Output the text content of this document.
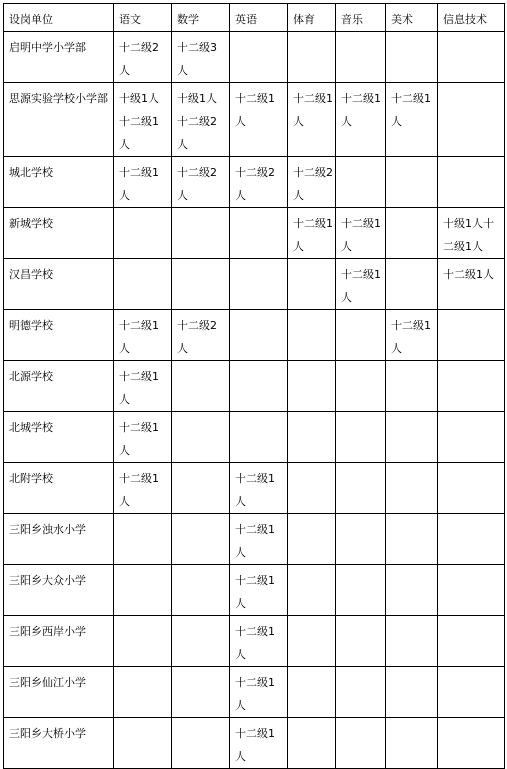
设岗单位	语文	数学	英语	体育	音乐	美术	信息技术
启明中学小学部	十二级2人	十二级3人					
思源实验学校小学部	十级1人十二级1人	十级1人十二级2人	十二级1人	十二级1人	十二级1人	十二级1人	
城北学校	十二级1人	十二级2人	十二级2人	十二级2人			
新城学校				十二级1人	十二级1人		十级1人十二级1人
汉昌学校					十二级1人		十二级1人
明德学校	十二级1人	十二级2人				十二级1人	
北源学校	十二级1人						
北城学校	十二级1人						
北附学校	十二级1人		十二级1人				
三阳乡浊水小学			十二级1人				
三阳乡大众小学			十二级1人				
三阳乡西岸小学			十二级1人				
三阳乡仙江小学			十二级1人				
三阳乡大桥小学			十二级1人				
